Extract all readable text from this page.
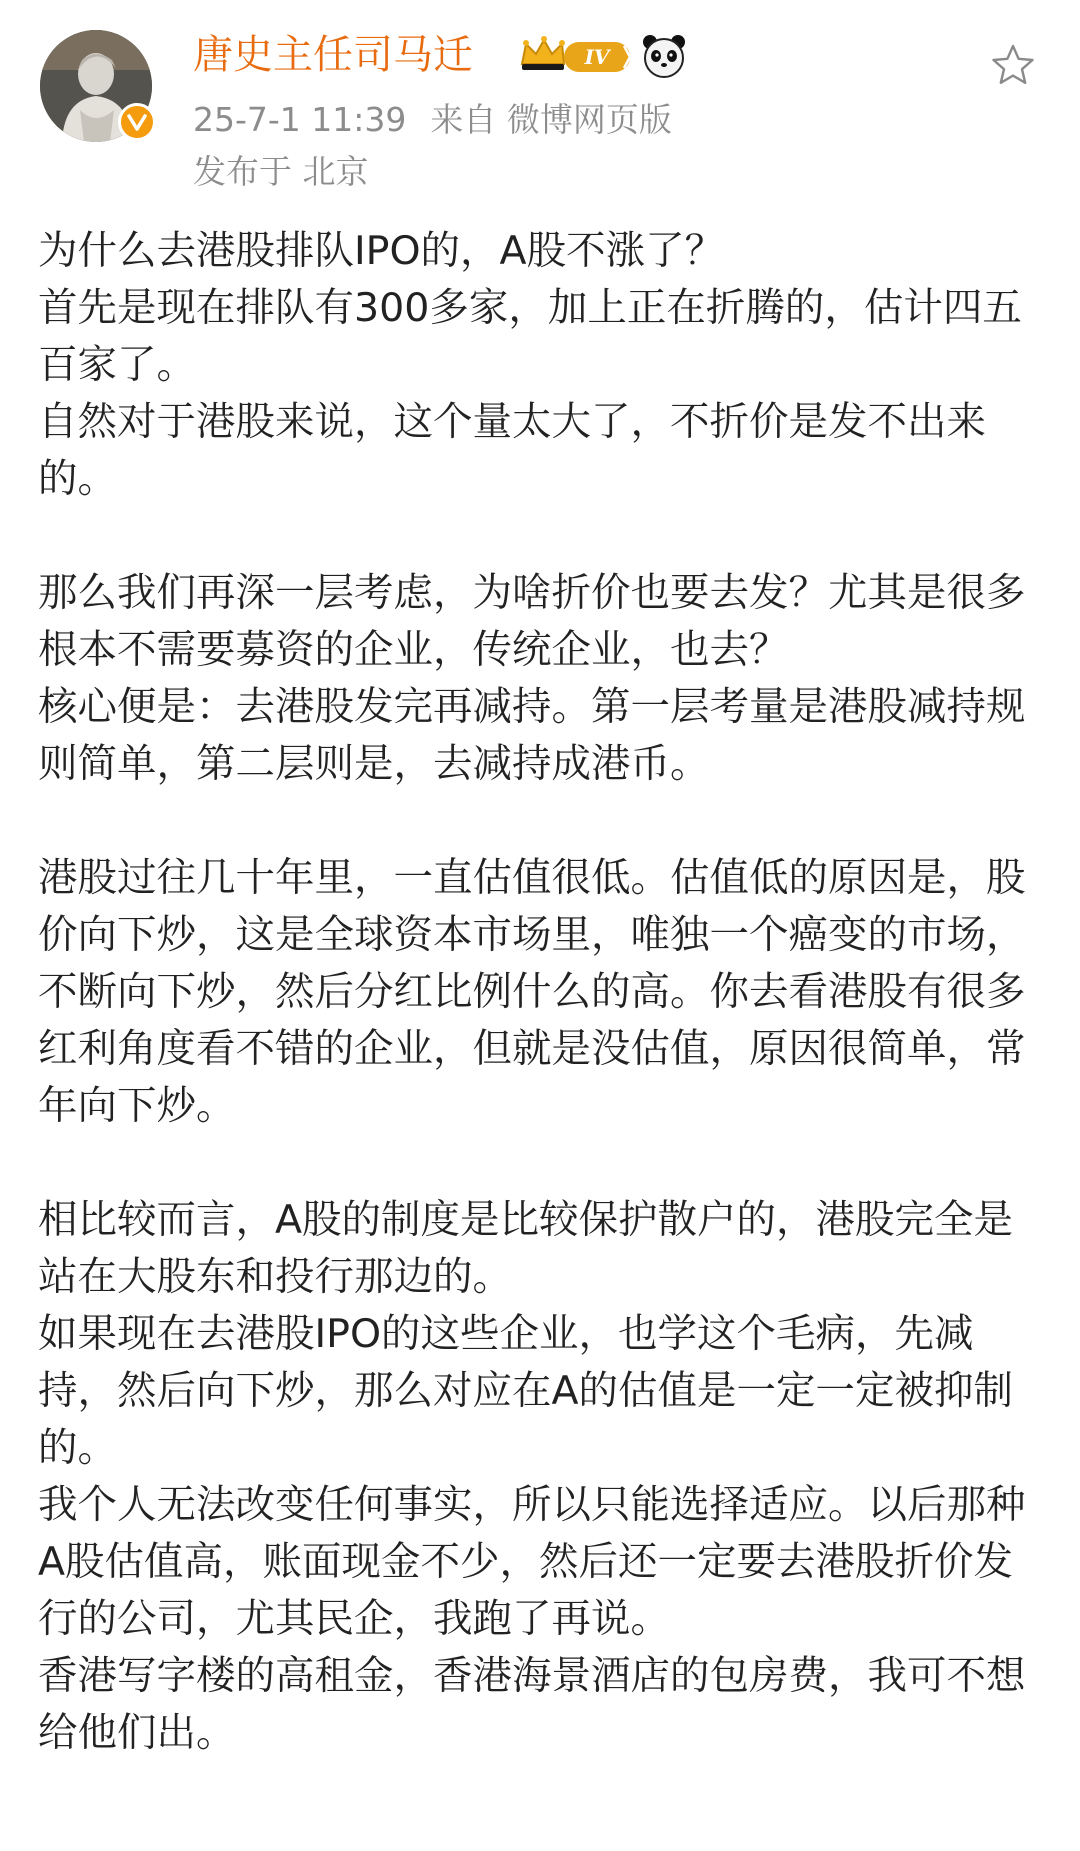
唐史主任司马迁	IV
25-7-1 11:39 来自 微博网页版
发布于 北京

为什么去港股排队IPO的，A股不涨了？
首先是现在排队有300多家，加上正在折腾的，估计四五百家了。
自然对于港股来说，这个量太大了，不折价是发不出来的。

那么我们再深一层考虑，为啥折价也要去发？尤其是很多根本不需要募资的企业，传统企业，也去？
核心便是：去港股发完再减持。第一层考量是港股减持规则简单，第二层则是，去减持成港币。

港股过往几十年里，一直估值很低。估值低的原因是，股价向下炒，这是全球资本市场里，唯独一个癌变的市场，不断向下炒，然后分红比例什么的高。你去看港股有很多红利角度看不错的企业，但就是没估值，原因很简单，常年向下炒。

相比较而言，A股的制度是比较保护散户的，港股完全是站在大股东和投行那边的。
如果现在去港股IPO的这些企业，也学这个毛病，先减持，然后向下炒，那么对应在A的估值是一定一定被抑制的。
我个人无法改变任何事实，所以只能选择适应。以后那种A股估值高，账面现金不少，然后还一定要去港股折价发行的公司，尤其民企，我跑了再说。
香港写字楼的高租金，香港海景酒店的包房费，我可不想给他们出。
